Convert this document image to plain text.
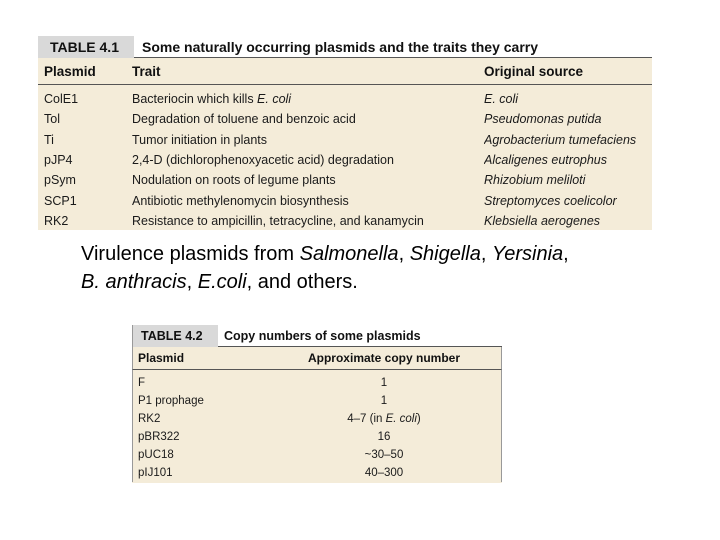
TABLE 4.1	Some naturally occurring plasmids and the traits they carry
Plasmid	Trait	Original source
ColE1	Bacteriocin which kills E. coli	E. coli
Tol	Degradation of toluene and benzoic acid	Pseudomonas putida
Ti	Tumor initiation in plants	Agrobacterium tumefaciens
pJP4	2,4-D (dichlorophenoxyacetic acid) degradation	Alcaligenes eutrophus
pSym	Nodulation on roots of legume plants	Rhizobium meliloti
SCP1	Antibiotic methylenomycin biosynthesis	Streptomyces coelicolor
RK2	Resistance to ampicillin, tetracycline, and kanamycin	Klebsiella aerogenes
Virulence plasmids from Salmonella, Shigella, Yersinia,
B. anthracis, E.coli, and others.
TABLE 4.2	Copy numbers of some plasmids
Plasmid	Approximate copy number
F	1
P1 prophage	1
RK2	4–7 (in E. coli)
pBR322	16
pUC18	~30–50
pIJ101	40–300
